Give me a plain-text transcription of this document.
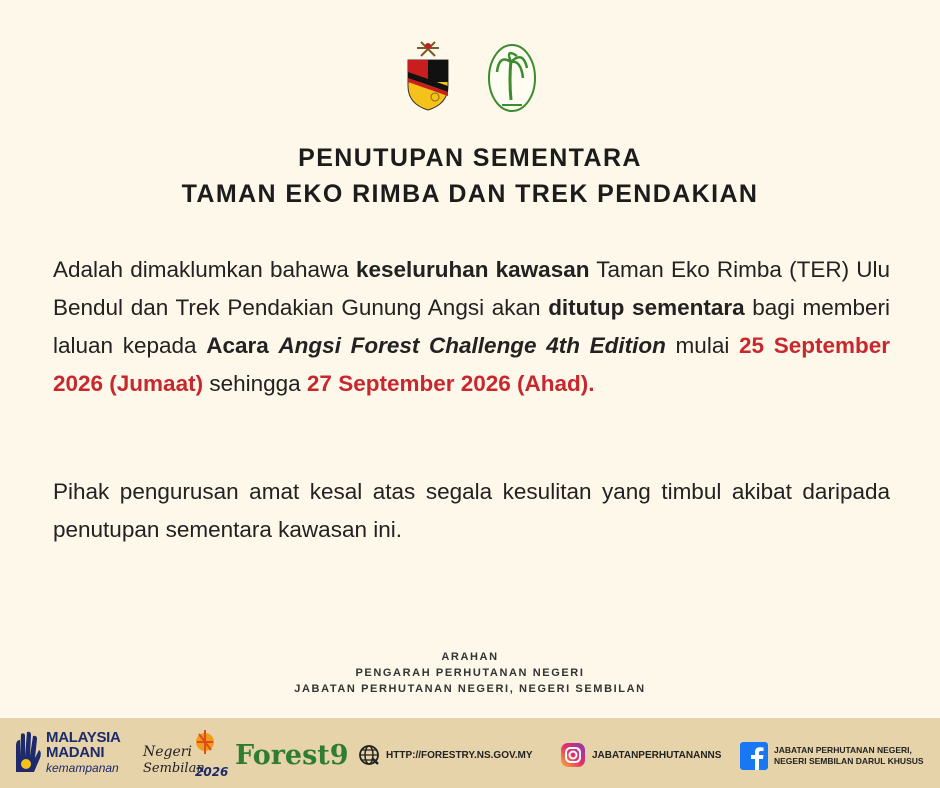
PENUTUPAN SEMENTARA
TAMAN EKO RIMBA DAN TREK PENDAKIAN
Adalah dimaklumkan bahawa keseluruhan kawasan Taman Eko Rimba (TER) Ulu Bendul dan Trek Pendakian Gunung Angsi akan ditutup sementara bagi memberi laluan kepada Acara Angsi Forest Challenge 4th Edition mulai 25 September 2026 (Jumaat) sehingga 27 September 2026 (Ahad).
Pihak pengurusan amat kesal atas segala kesulitan yang timbul akibat daripada penutupan sementara kawasan ini.
ARAHAN
PENGARAH PERHUTANAN NEGERI
JABATAN PERHUTANAN NEGERI, NEGERI SEMBILAN
MALAYSIA
MADANI
kemampanan
Negeri
Sembilan
2026
Forest9	HTTP://FORESTRY.NS.GOV.MY	JABATANPERHUTANANNS	JABATAN PERHUTANAN NEGERI,
NEGERI SEMBILAN DARUL KHUSUS
